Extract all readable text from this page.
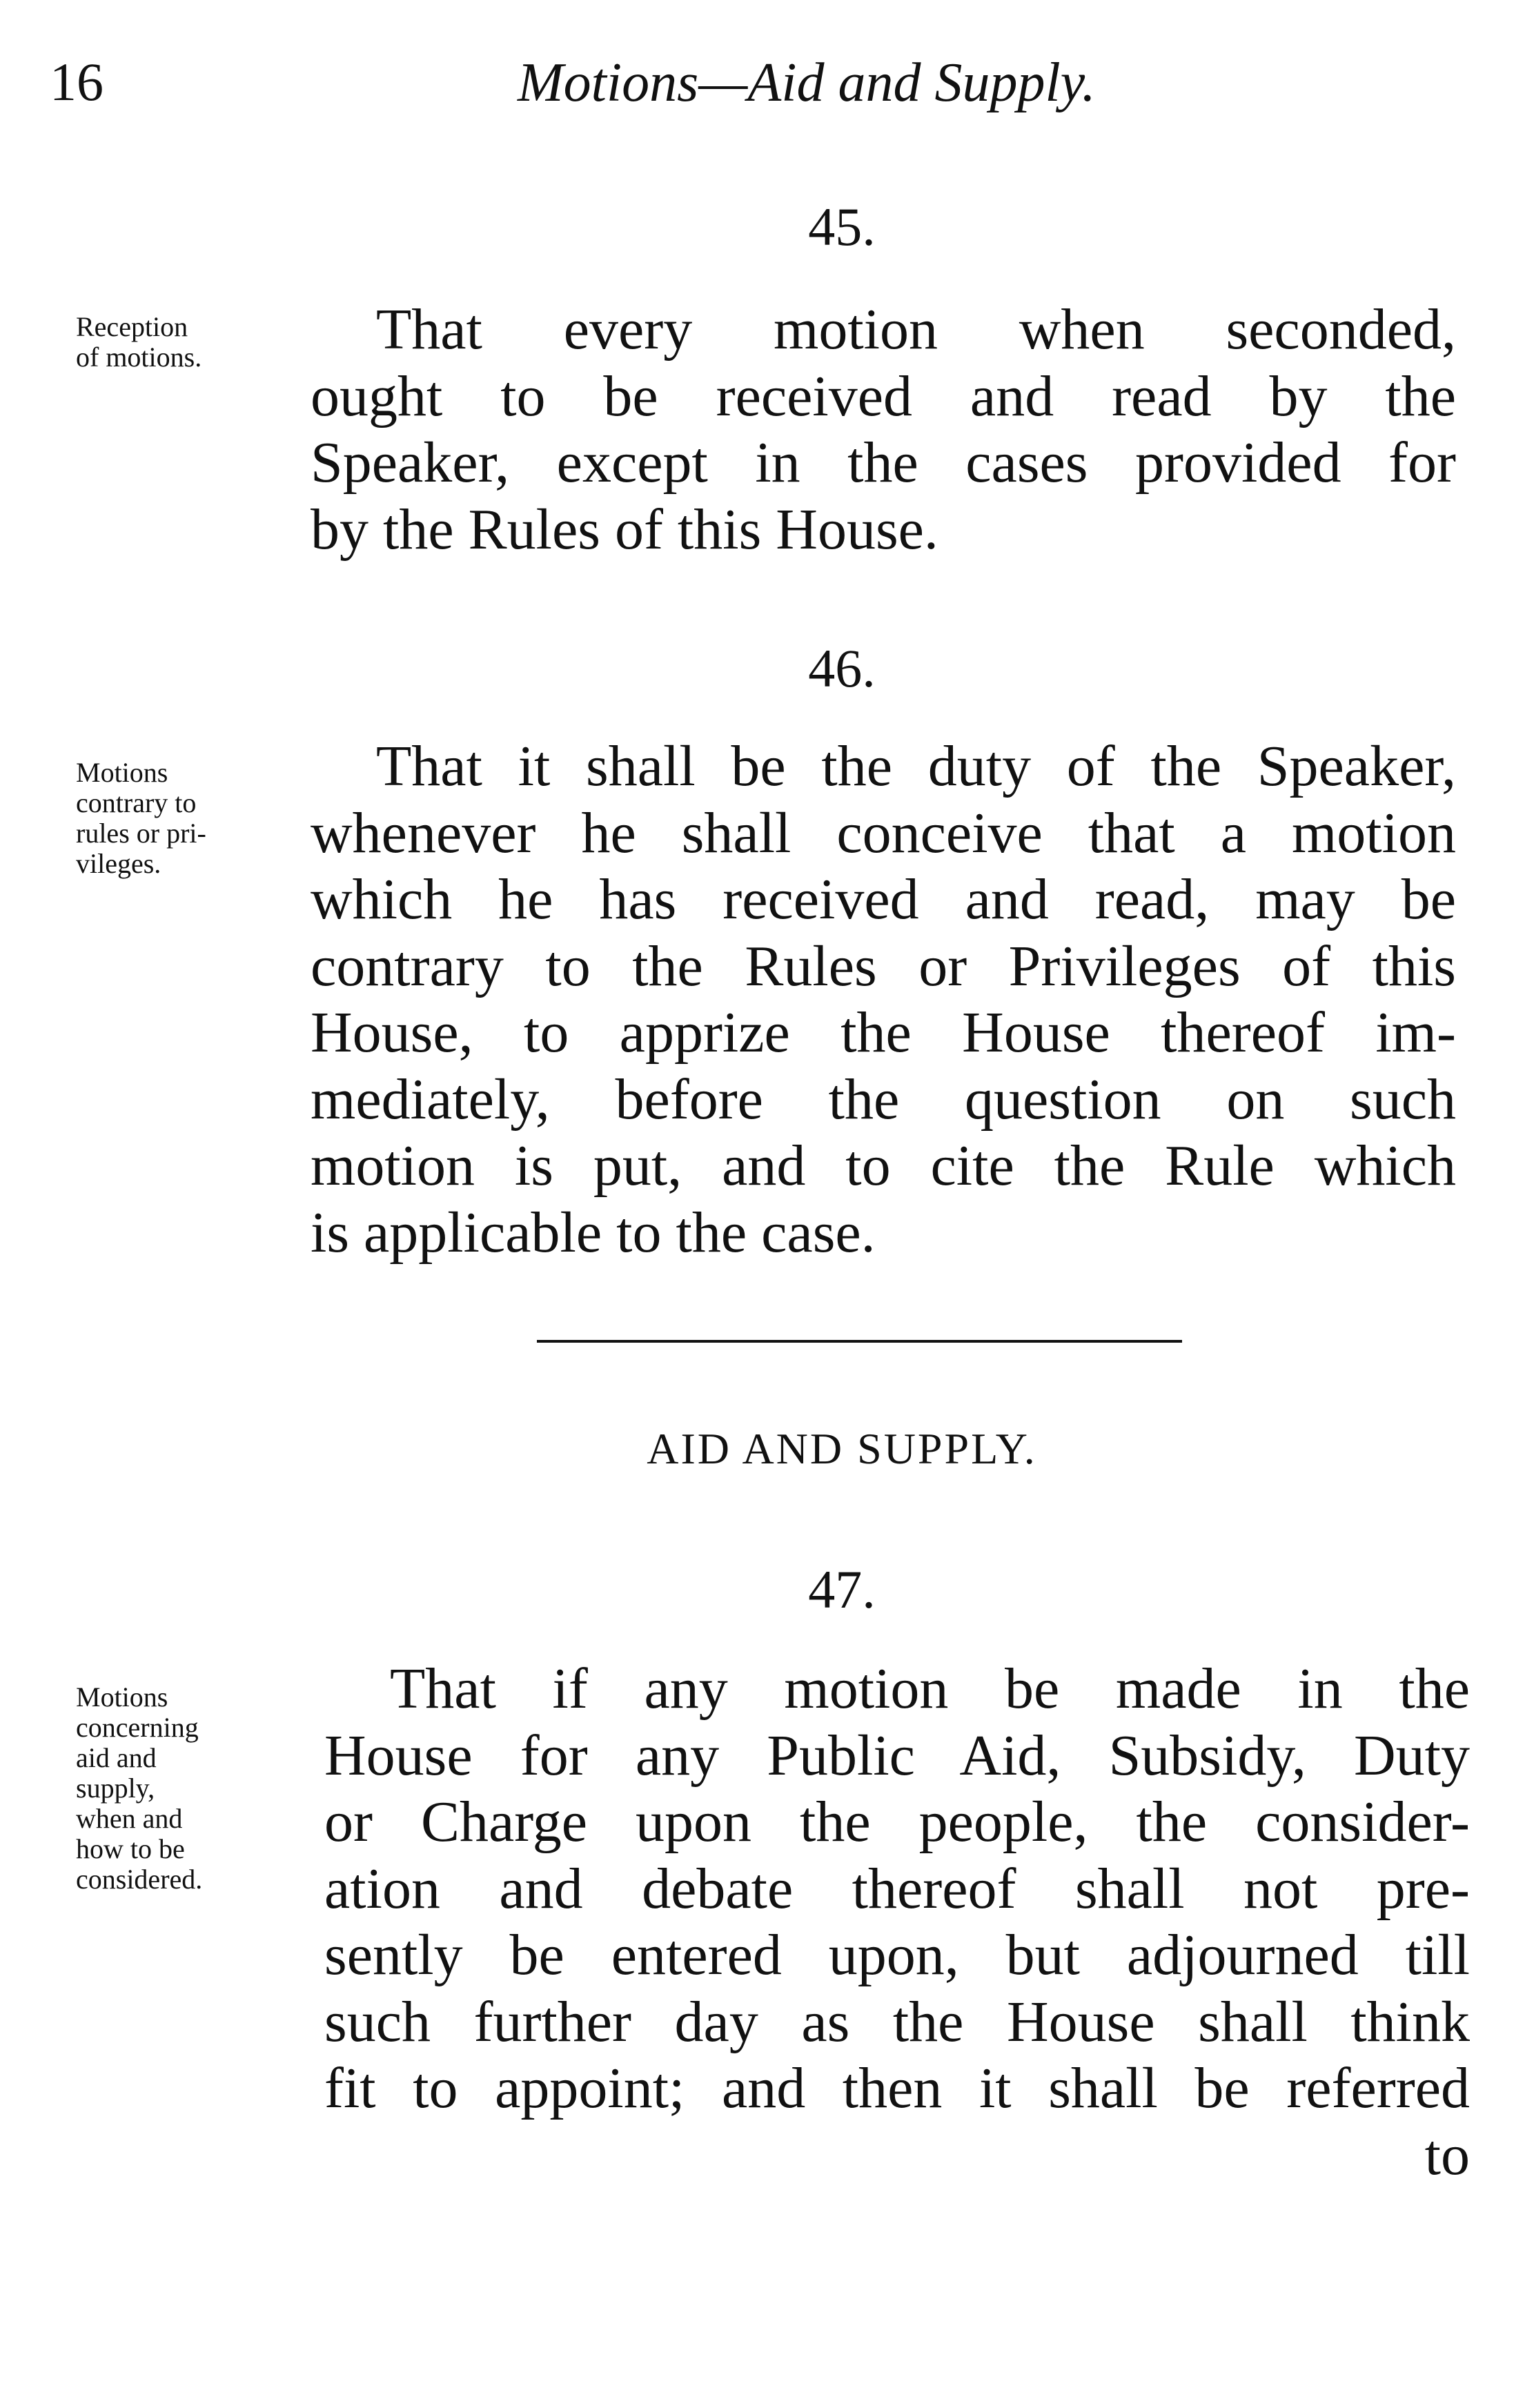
16	Motions—Aid and Supply.
45.
Reception
of motions.	That every motion when seconded,
ought to be received and read by the
Speaker, except in the cases provided for
by the Rules of this House.
46.
Motions
contrary to
rules or pri-
vileges.
That it shall be the duty of the Speaker,
whenever he shall conceive that a motion
which he has received and read, may be
contrary to the Rules or Privileges of this
House, to apprize the House thereof im-
mediately, before the question on such
motion is put, and to cite the Rule which
is applicable to the case.
AID AND SUPPLY.
47.
Motions
concerning
aid and
supply,
when and
how to be
considered.
That if any motion be made in the
House for any Public Aid, Subsidy, Duty
or Charge upon the people, the consider-
ation and debate thereof shall not pre-
sently be entered upon, but adjourned till
such further day as the House shall think
fit to appoint; and then it shall be referred
to
